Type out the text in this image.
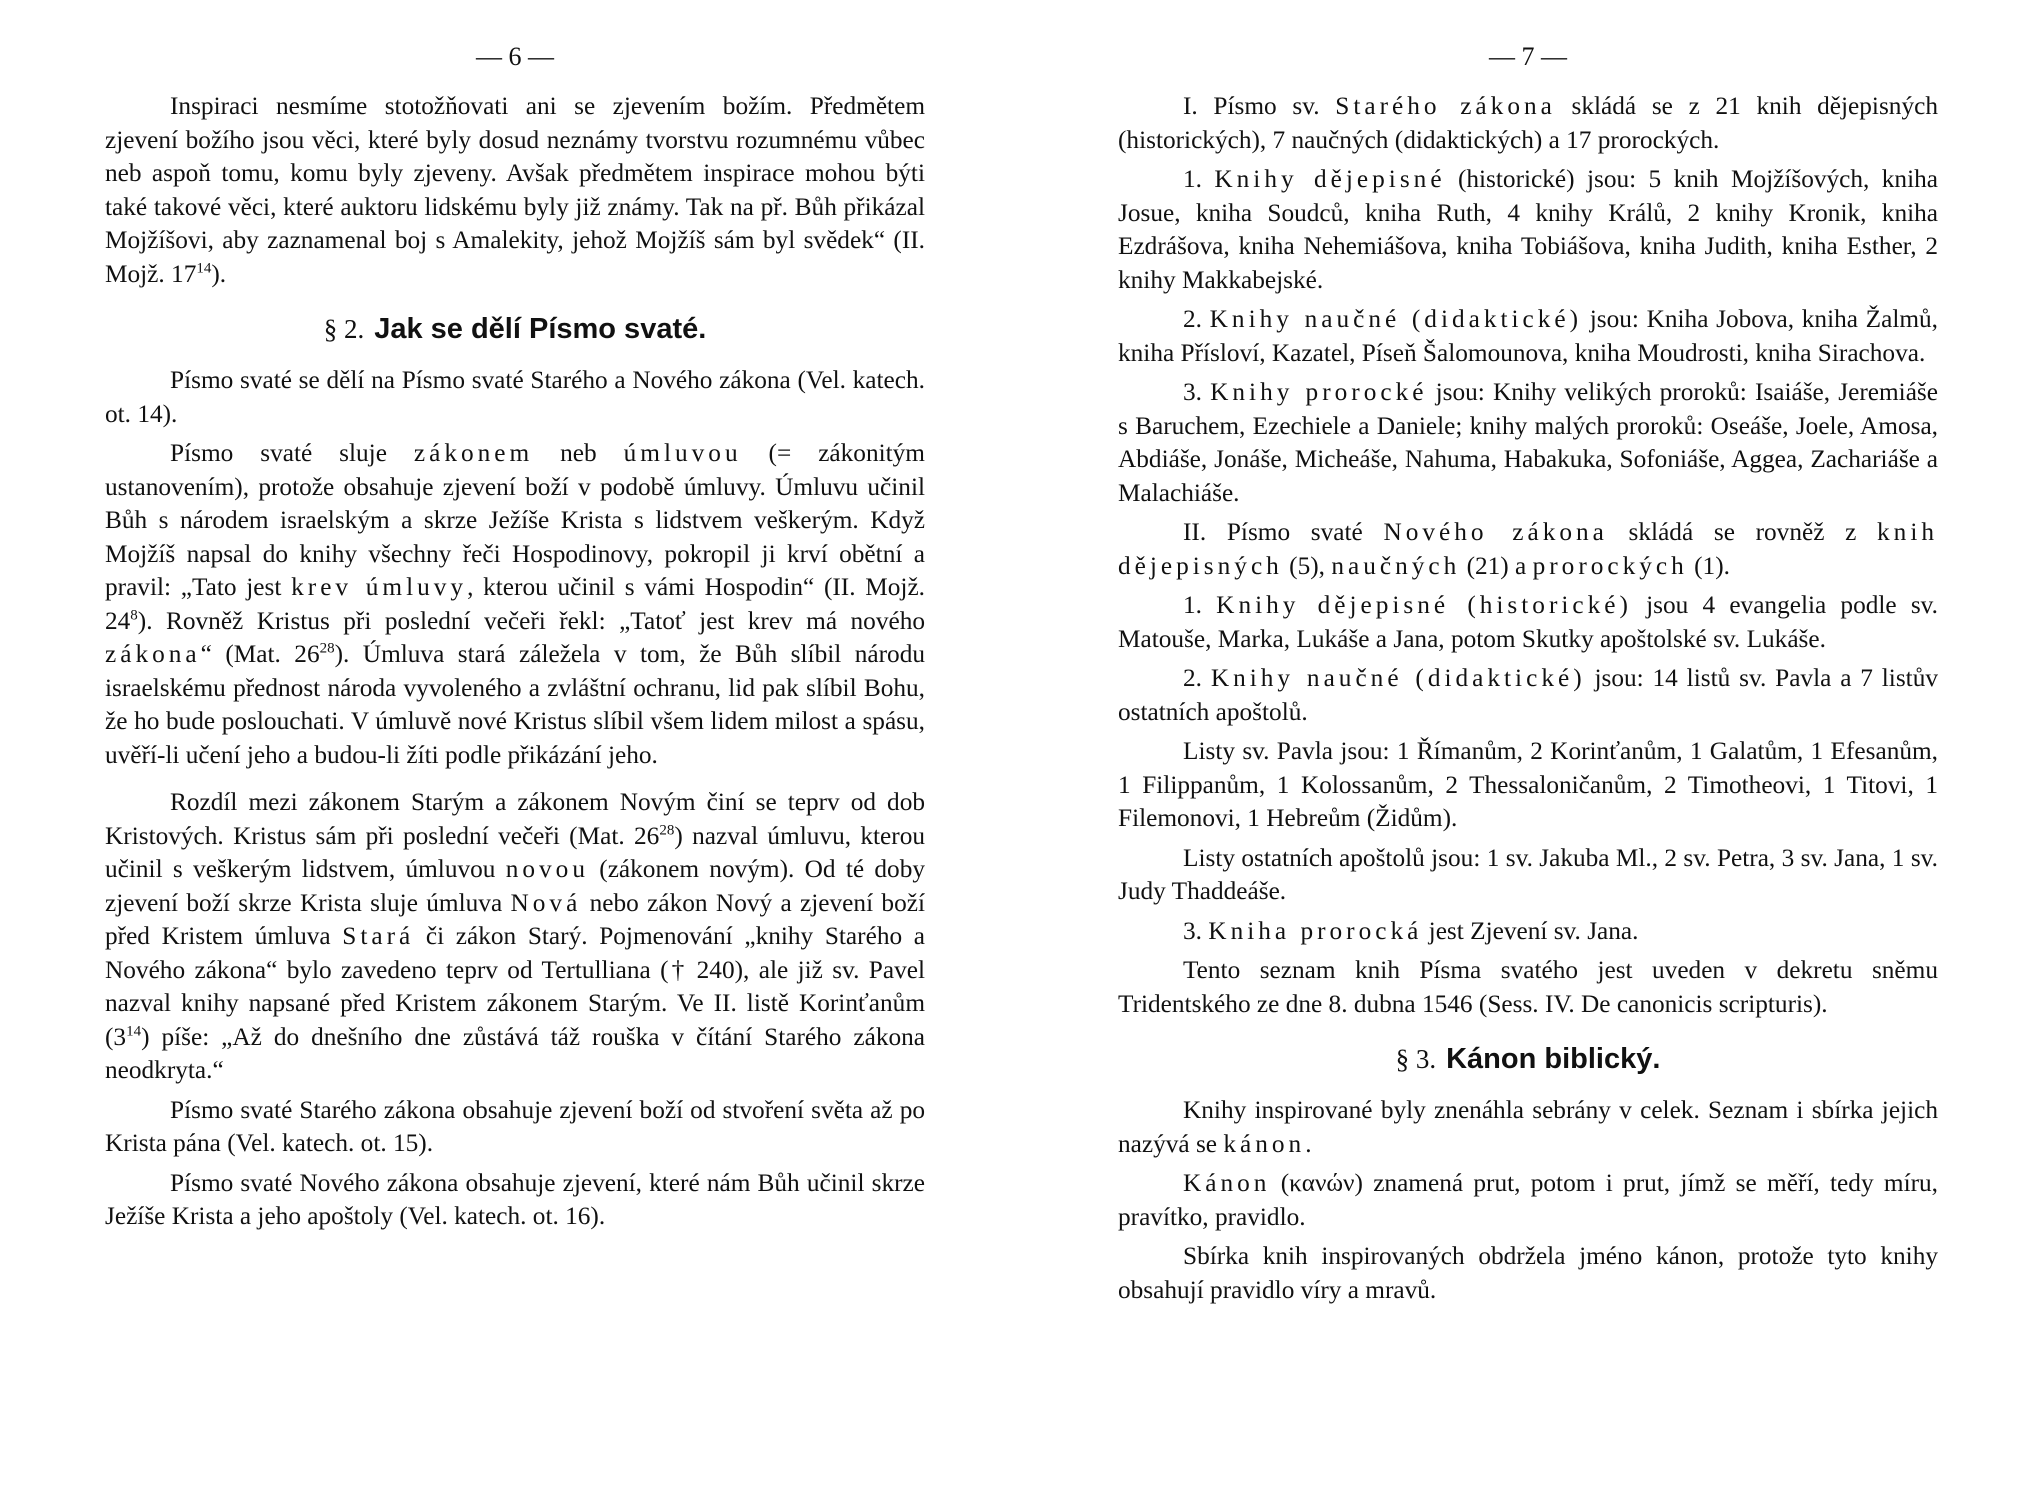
— 6 —

Inspiraci nesmíme stotožňovati ani se zjevením božím. Předmětem zjevení božího jsou věci, které byly dosud neznámy tvorstvu rozumnému vůbec neb aspoň tomu, komu byly zjeveny. Avšak předmětem inspirace mohou býti také takové věci, které auktoru lidskému byly již známy. Tak na př. Bůh přikázal Mojžíšovi, aby zaznamenal boj s Amalekity, jehož Mojžíš sám byl svědek“ (II. Mojž. $17^{14}$).

§ 2. Jak se dělí Písmo svaté.

Písmo svaté se dělí na Písmo svaté Starého a Nového zákona (Vel. katech. ot. 14).

Písmo svaté sluje zákonem neb úmluvou (= zákonitým ustanovením), protože obsahuje zjevení boží v podobě úmluvy. Úmluvu učinil Bůh s národem israelským a skrze Ježíše Krista s lidstvem veškerým. Když Mojžíš napsal do knihy všechny řeči Hospodinovy, pokropil ji krví obětní a pravil: „Tato jest krev úmluvy, kterou učinil s vámi Hospodin“ (II. Mojž. $24^8$). Rovněž Kristus při poslední večeři řekl: „Tatoť jest krev má nového zákona“ (Mat. $26^{28}$). Úmluva stará záležela v tom, že Bůh slíbil národu israelskému přednost národa vyvoleného a zvláštní ochranu, lid pak slíbil Bohu, že ho bude poslouchati. V úmluvě nové Kristus slíbil všem lidem milost a spásu, uvěří-li učení jeho a budou-li žíti podle přikázání jeho.

Rozdíl mezi zákonem Starým a zákonem Novým činí se teprv od dob Kristových. Kristus sám při poslední večeři (Mat. $26^{28}$) nazval úmluvu, kterou učinil s veškerým lidstvem, úmluvou novou (zákonem novým). Od té doby zjevení boží skrze Krista sluje úmluva Nová nebo zákon Nový a zjevení boží před Kristem úmluva Stará či zákon Starý. Pojmenování „knihy Starého a Nového zákona“ bylo zavedeno teprv od Tertulliana († 240), ale již sv. Pavel nazval knihy napsané před Kristem zákonem Starým. Ve II. listě Korinťanům $(3^{14})$ píše: „Až do dnešního dne zůstává táž rouška v čítání Starého zákona neodkryta.“

Písmo svaté Starého zákona obsahuje zjevení boží od stvoření světa až po Krista pána (Vel. katech. ot. 15).

Písmo svaté Nového zákona obsahuje zjevení, které nám Bůh učinil skrze Ježíše Krista a jeho apoštoly (Vel. katech. ot. 16).

— 7 —

I. Písmo sv. Starého zákona skládá se z 21 knih dějepisných (historických), 7 naučných (didaktických) a 17 prorockých.

1. Knihy dějepisné (historické) jsou: 5 knih Mojžíšových, kniha Josue, kniha Soudců, kniha Ruth, 4 knihy Králů, 2 knihy Kronik, kniha Ezdrášova, kniha Nehemiášova, kniha Tobiášova, kniha Judith, kniha Esther, 2 knihy Makkabejské.

2. Knihy naučné (didaktické) jsou: Kniha Jobova, kniha Žalmů, kniha Přísloví, Kazatel, Píseň Šalomounova, kniha Moudrosti, kniha Sirachova.

3. Knihy prorocké jsou: Knihy velikých proroků: Isaiáše, Jeremiáše s Baruchem, Ezechiele a Daniele; knihy malých proroků: Oseáše, Joele, Amosa, Abdiáše, Jonáše, Micheáše, Nahuma, Habakuka, Sofoniáše, Aggea, Zachariáše a Malachiáše.

II. Písmo svaté Nového zákona skládá se rovněž z knih dějepisných (5), naučných (21) a prorockých (1).

1. Knihy dějepisné (historické) jsou 4 evangelia podle sv. Matouše, Marka, Lukáše a Jana, potom Skutky apoštolské sv. Lukáše.

2. Knihy naučné (didaktické) jsou: 14 listů sv. Pavla a 7 listův ostatních apoštolů.

Listy sv. Pavla jsou: 1 Římanům, 2 Korinťanům, 1 Galatům, 1 Efesanům, 1 Filippanům, 1 Kolossanům, 2 Thessaloničanům, 2 Timotheovi, 1 Titovi, 1 Filemonovi, 1 Hebreům (Židům).

Listy ostatních apoštolů jsou: 1 sv. Jakuba Ml., 2 sv. Petra, 3 sv. Jana, 1 sv. Judy Thaddeáše.

3. Kniha prorocká jest Zjevení sv. Jana.

Tento seznam knih Písma svatého jest uveden v dekretu sněmu Tridentského ze dne 8. dubna 1546 (Sess. IV. De canonicis scripturis).

§ 3. Kánon biblický.

Knihy inspirované byly znenáhla sebrány v celek. Seznam i sbírka jejich nazývá se kánon.

Kánon (κανών) znamená prut, potom i prut, jímž se měří, tedy míru, pravítko, pravidlo.

Sbírka knih inspirovaných obdržela jméno kánon, protože tyto knihy obsahují pravidlo víry a mravů.
